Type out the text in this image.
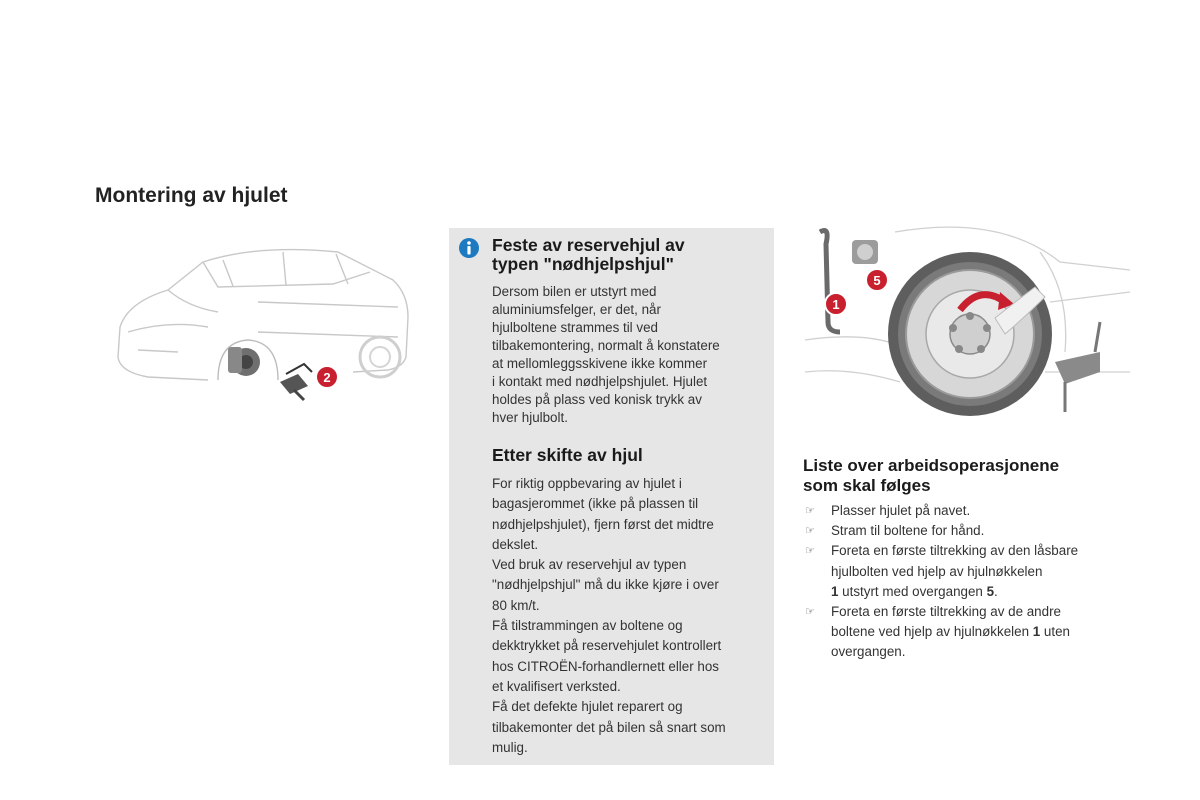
Montering av hjulet
2
Feste av reservehjul av
typen "nødhjelpshjul"

Dersom bilen er utstyrt med
aluminiumsfelger, er det, når
hjulboltene strammes til ved
tilbakemontering, normalt å konstatere
at mellomleggsskivene ikke kommer
i kontakt med nødhjelpshjulet. Hjulet
holdes på plass ved konisk trykk av
hver hjulbolt.

Etter skifte av hjul

For riktig oppbevaring av hjulet i
bagasjerommet (ikke på plassen til
nødhjelpshjulet), fjern først det midtre
dekslet.
Ved bruk av reservehjul av typen
"nødhjelpshjul" må du ikke kjøre i over
80 km/t.
Få tilstrammingen av boltene og
dekktrykket på reservehjulet kontrollert
hos CITROËN-forhandlernett eller hos
et kvalifisert verksted.
Få det defekte hjulet reparert og
tilbakemonter det på bilen så snart som
mulig.

1
5
Liste over arbeidsoperasjonene
som skal følges
☞ Plasser hjulet på navet.
☞ Stram til boltene for hånd.
☞ Foreta en første tiltrekking av den låsbare
hjulbolten ved hjelp av hjulnøkkelen
1 utstyrt med overgangen 5.
☞ Foreta en første tiltrekking av de andre
boltene ved hjelp av hjulnøkkelen 1 uten
overgangen.
